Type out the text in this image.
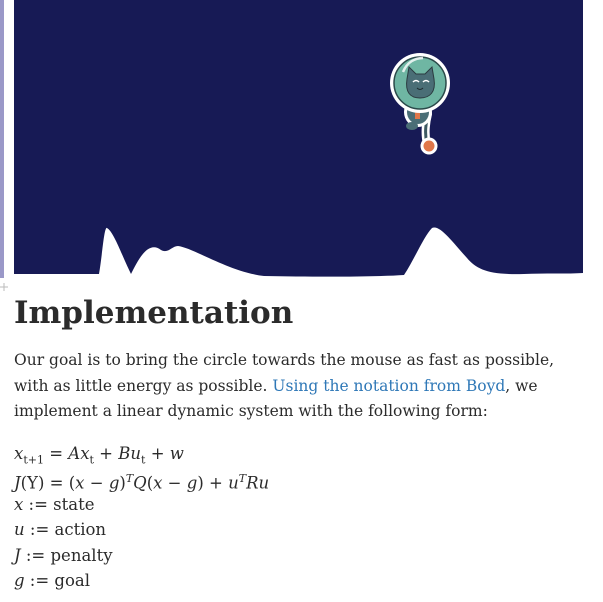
Implementation

Our goal is to bring the circle towards the mouse as fast as possible, with as little energy as possible. Using the notation from Boyd, we implement a linear dynamic system with the following form:

$x_{t+1} = Ax_t + Bu_t + w$
$J(Y) = (x - g)^TQ(x - g) + u^TRu$
x := state
u := action
J := penalty
g := goal
